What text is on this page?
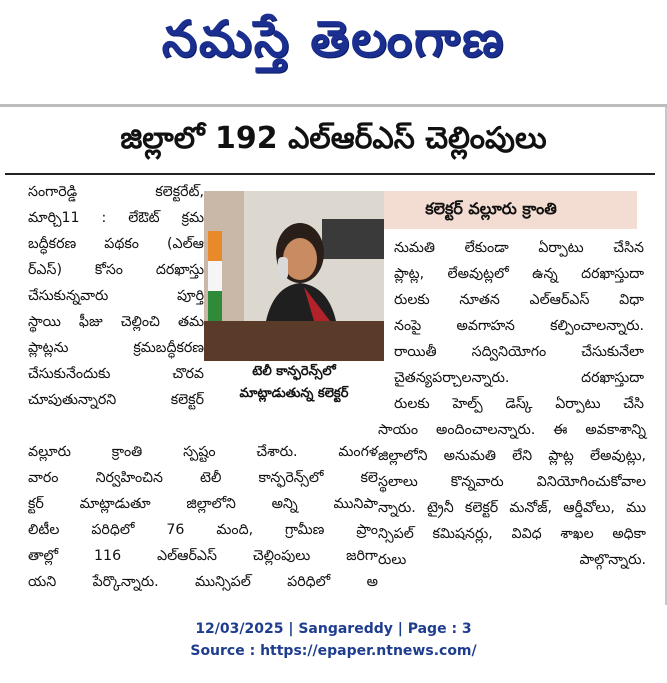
నమస్తే తెలంగాణ
జిల్లాలో 192 ఎల్ఆర్ఎస్ చెల్లింపులు
కలెక్టర్ వల్లూరు క్రాంతి
టెలీ కాన్ఫరెన్స్‌లో
మాట్లాడుతున్న కలెక్టర్
సంగారెడ్డి కలెక్టరేట్,
మార్చి11 : లేఔట్ క్రమ
బద్ధీకరణ పథకం (ఎల్ఆ
ర్ఎస్) కోసం దరఖాస్తు
చేసుకున్నవారు పూర్తి
స్థాయి ఫీజు చెల్లించి తమ
ప్లాట్లను క్రమబద్ధీకరణ
చేసుకునేందుకు చొరవ
చూపుతున్నారని కలెక్టర్
వల్లూరు క్రాంతి స్పష్టం చేశారు. మంగళ
వారం నిర్వహించిన టెలీ కాన్ఫరెన్స్‌లో కలె
క్టర్ మాట్లాడుతూ జిల్లాలోని అన్ని మునిపా
లిటీల పరిధిలో 76 మంది, గ్రామీణ ప్రాం
తాల్లో 116 ఎల్ఆర్ఎస్ చెల్లింపులు జరిగా
యని పేర్కొన్నారు. మున్సిపల్ పరిధిలో అ
నుమతి లేకుండా ఏర్పాటు చేసిన
ప్లాట్ల, లేఅవుట్లలో ఉన్న దరఖాస్తుదా
రులకు నూతన ఎల్ఆర్ఎస్ విధా
నంపై అవగాహన కల్పించాలన్నారు.
రాయితీ సద్వినియోగం చేసుకునేలా
చైతన్యపర్చాలన్నారు. దరఖాస్తుదా
రులకు హెల్ప్ డెస్క్ ఏర్పాటు చేసి
సాయం అందించాలన్నారు. ఈ అవకాశాన్ని
జిల్లాలోని అనుమతి లేని ప్లాట్ల లేఅవుట్లు,
స్థలాలు కొన్నవారు వినియోగించుకోవాల
న్నారు. ట్రైనీ కలెక్టర్ మనోజ్, ఆర్డీవోలు, ము
న్సిపల్ కమిషనర్లు, వివిధ శాఖల అధికా
రులు పాల్గొన్నారు.
12/03/2025 | Sangareddy | Page : 3
Source : https://epaper.ntnews.com/
